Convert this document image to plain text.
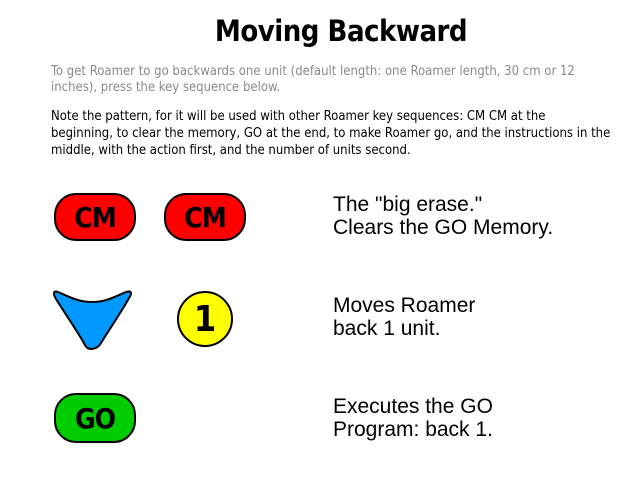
Moving Backward
To get Roamer to go backwards one unit (default length: one Roamer length, 30 cm or 12 inches), press the key sequence below.
Note the pattern, for it will be used with other Roamer key sequences: CM CM at the beginning, to clear the memory, GO at the end, to make Roamer go, and the instructions in the middle, with the action first, and the number of units second.
CM	CM
1
GO
The "big erase."
Clears the GO Memory.
Moves Roamer
back 1 unit.
Executes the GO
Program: back 1.
